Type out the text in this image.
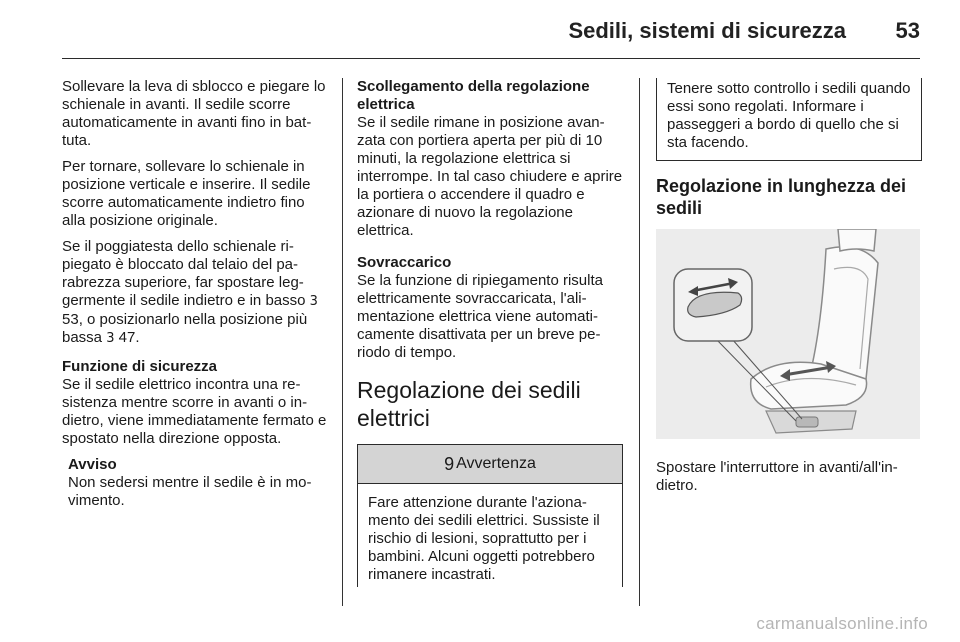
Sedili, sistemi di sicurezza 53

Sollevare la leva di sblocco e piegare lo schienale in avanti. Il sedile scorre automaticamente in avanti fino in battuta.

Per tornare, sollevare lo schienale in posizione verticale e inserire. Il sedile scorre automaticamente indietro fino alla posizione originale.

Se il poggiatesta dello schienale ripiegato è bloccato dal telaio del parabrezza superiore, far spostare leggermente il sedile indietro e in basso 3 53, o posizionarlo nella posizione più bassa 3 47.

Funzione di sicurezza

Se il sedile elettrico incontra una resistenza mentre scorre in avanti o indietro, viene immediatamente fermato e spostato nella direzione opposta.

Avviso

Non sedersi mentre il sedile è in movimento.

Scollegamento della regolazione elettrica

Se il sedile rimane in posizione avanzata con portiera aperta per più di 10 minuti, la regolazione elettrica si interrompe. In tal caso chiudere e aprire la portiera o accendere il quadro e azionare di nuovo la regolazione elettrica.

Sovraccarico

Se la funzione di ripiegamento risulta elettricamente sovraccaricata, l'alimentazione elettrica viene automaticamente disattivata per un breve periodo di tempo.

Regolazione dei sedili elettrici
9 Avvertenza
Fare attenzione durante l'azionamento dei sedili elettrici. Sussiste il rischio di lesioni, soprattutto per i bambini. Alcuni oggetti potrebbero rimanere incastrati.
Tenere sotto controllo i sedili quando essi sono regolati. Informare i passeggeri a bordo di quello che si sta facendo.
Regolazione in lunghezza dei sedili

Spostare l'interruttore in avanti/all'indietro.

carmanualsonline.info
